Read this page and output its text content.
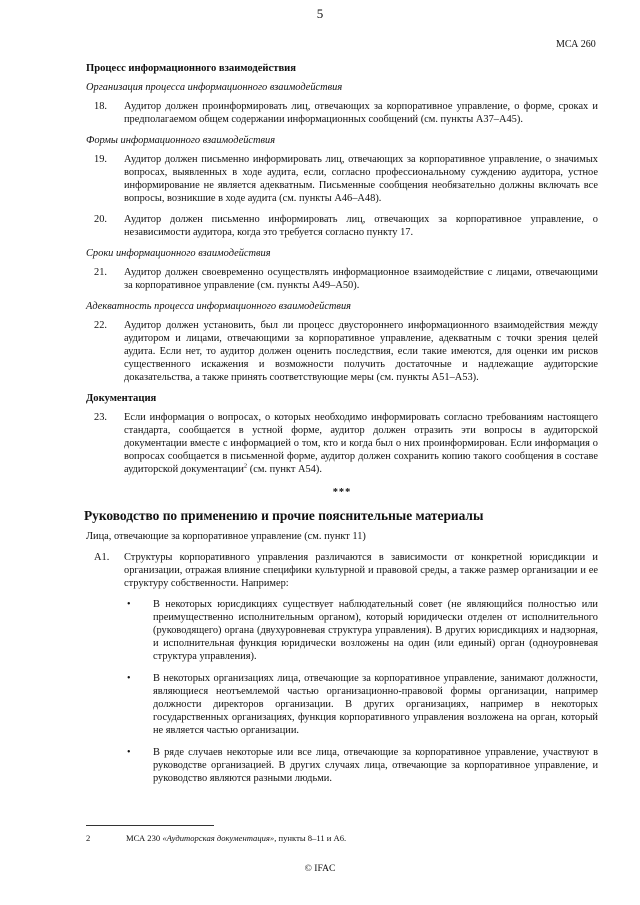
5
МСА 260
Процесс информационного взаимодействия
Организация процесса информационного взаимодействия
18.	Аудитор должен проинформировать лиц, отвечающих за корпоративное управление, о форме, сроках и предполагаемом общем содержании информационных сообщений (см. пункты А37–А45).
Формы информационного взаимодействия
19.	Аудитор должен письменно информировать лиц, отвечающих за корпоративное управление, о значимых вопросах, выявленных в ходе аудита, если, согласно профессиональному суждению аудитора, устное информирование не является адекватным. Письменные сообщения необязательно должны включать все вопросы, возникшие в ходе аудита (см. пункты А46–А48).
20.	Аудитор должен письменно информировать лиц, отвечающих за корпоративное управление, о независимости аудитора, когда это требуется согласно пункту 17.
Сроки информационного взаимодействия
21.	Аудитор должен своевременно осуществлять информационное взаимодействие с лицами, отвечающими за корпоративное управление (см. пункты А49–А50).
Адекватность процесса информационного взаимодействия
22.	Аудитор должен установить, был ли процесс двустороннего информационного взаимодействия между аудитором и лицами, отвечающими за корпоративное управление, адекватным с точки зрения целей аудита. Если нет, то аудитор должен оценить последствия, если такие имеются, для оценки им рисков существенного искажения и возможности получить достаточные и надлежащие аудиторские доказательства, а также принять соответствующие меры (см. пункты А51–А53).
Документация
23.	Если информация о вопросах, о которых необходимо информировать согласно требованиям настоящего стандарта, сообщается в устной форме, аудитор должен отразить эти вопросы в аудиторской документации вместе с информацией о том, кто и когда был о них проинформирован. Если информация о вопросах сообщается в письменной форме, аудитор должен сохранить копию такого сообщения в составе аудиторской документации$^2$ (см. пункт А54).
***
Руководство по применению и прочие пояснительные материалы
Лица, отвечающие за корпоративное управление (см. пункт 11)
А1.	Структуры корпоративного управления различаются в зависимости от конкретной юрисдикции и организации, отражая влияние специфики культурной и правовой среды, а также размер организации и ее структуру собственности. Например:
•	В некоторых юрисдикциях существует наблюдательный совет (не являющийся полностью или преимущественно исполнительным органом), который юридически отделен от исполнительного (руководящего) органа (двухуровневая структура управления). В других юрисдикциях и надзорная, и исполнительная функция юридически возложены на один (или единый) орган (одноуровневая структура управления).
•	В некоторых организациях лица, отвечающие за корпоративное управление, занимают должности, являющиеся неотъемлемой частью организационно-правовой формы организации, например должности директоров организации. В других организациях, например в некоторых государственных организациях, функция корпоративного управления возложена на орган, который не является частью организации.
•	В ряде случаев некоторые или все лица, отвечающие за корпоративное управление, участвуют в руководстве организацией. В других случаях лица, отвечающие за корпоративное управление, и руководство являются разными людьми.
2	МСА 230 «Аудиторская документация», пункты 8–11 и А6.
© IFAC
